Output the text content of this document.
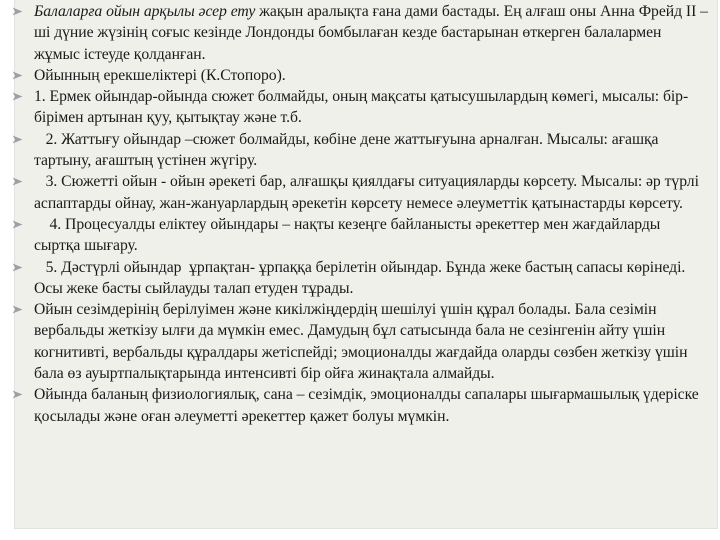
Балаларға ойын арқылы әсер ету жақын аралықта ғана дами бастады. Ең алғаш оны Анна Фрейд II – ші дүние жүзінің соғыс кезінде Лондонды бомбылаған кезде бастарынан өткерген балалармен жұмыс істеуде қолданған.
Ойынның ерекшеліктері (К.Стопоро).
1. Ермек ойындар-ойында сюжет болмайды, оның мақсаты қатысушылардың көмегі, мысалы: бір-бірімен артынан қуу, қытықтау және т.б.
2. Жаттығу ойындар –сюжет болмайды, көбіне дене жаттығуына арналған. Мысалы: ағашқа тартыну, ағаштың үстінен жүгіру.
3. Сюжетті ойын - ойын әрекеті бар, алғашқы қиялдағы ситуацияларды көрсету. Мысалы: әр түрлі аспаптарды ойнау, жан-жануарлардың әрекетін көрсету немесе әлеуметтік қатынастарды көрсету.
4. Процесуалды еліктеу ойындары – нақты кезеңге байланысты әрекеттер мен жағдайларды сыртқа шығару.
5. Дәстүрлі ойындар  ұрпақтан- ұрпаққа берілетін ойындар. Бұнда жеке бастың сапасы көрінеді. Осы жеке басты сыйлауды талап етуден тұрады.
Ойын сезімдерінің берілуімен және кикілжіңдердің шешілуі үшін құрал болады. Бала сезімін вербальды жеткізу ылғи да мүмкін емес. Дамудың бұл сатысында бала не сезінгенін айту үшін когнитивті, вербальды құралдары жетіспейді; эмоционалды жағдайда оларды сөзбен жеткізу үшін бала өз ауыртпалықтарында интенсивті бір ойға жинақтала алмайды.
Ойында баланың физиологиялық, сана – сезімдік, эмоционалды сапалары шығармашылық үдеріске қосылады және оған әлеуметті әрекеттер қажет болуы мүмкін.
